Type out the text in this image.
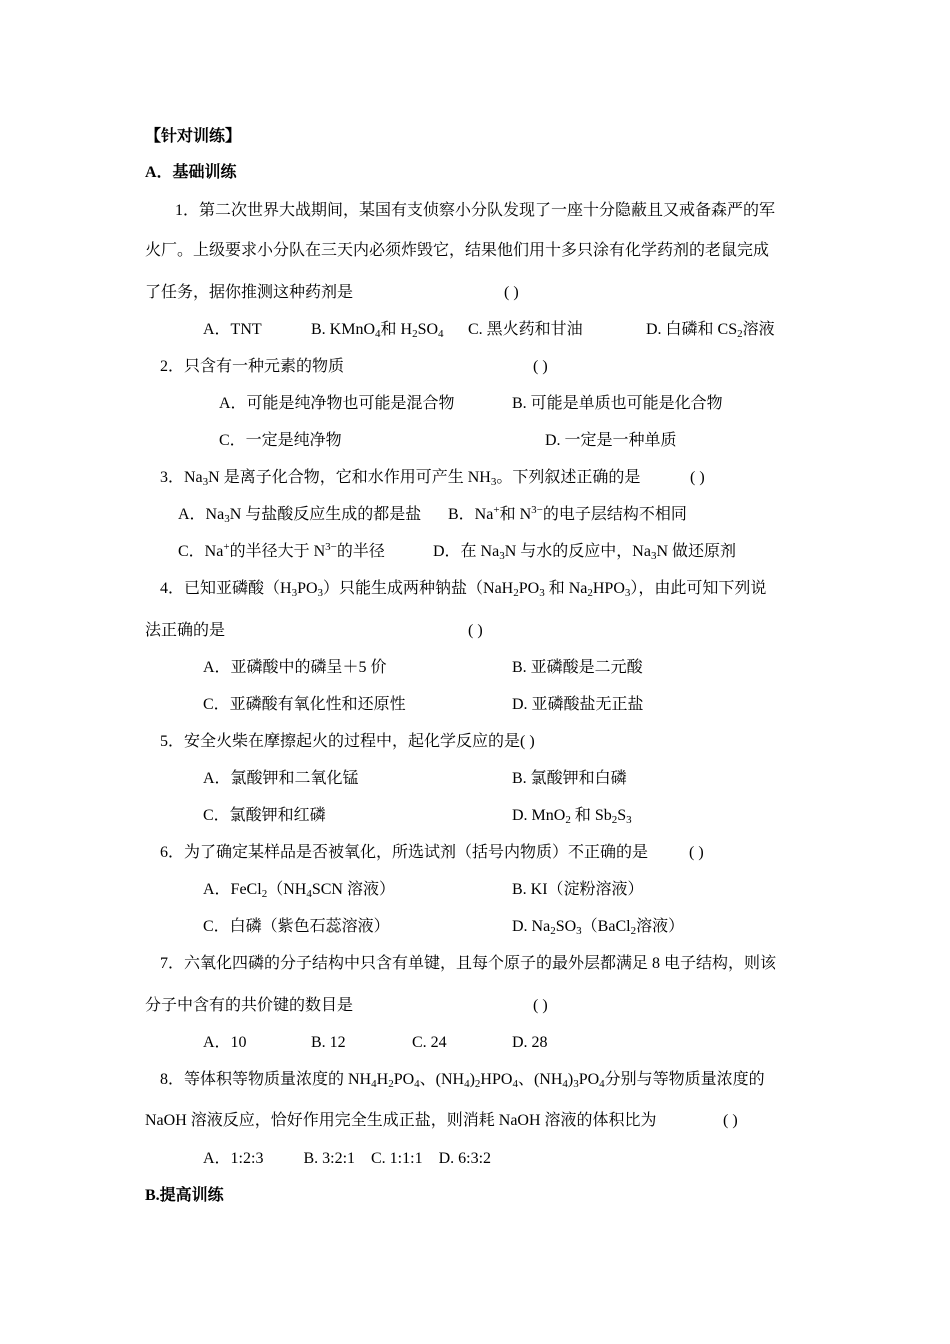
【针对训练】
A．基础训练
1．第二次世界大战期间，某国有支侦察小分队发现了一座十分隐蔽且又戒备森严的军
火厂。上级要求小分队在三天内必须炸毁它，结果他们用十多只涂有化学药剂的老鼠完成
了任务，据你推测这种药剂是	( )
A．TNT	B. KMnO$_4$和 $H_2SO_4$ C. 黑火药和甘油	D. 白磷和 $CS_2$溶液
2．只含有一种元素的物质	( )
A．可能是纯净物也可能是混合物	B. 可能是单质也可能是化合物
C．一定是纯净物	D. 一定是一种单质
3．$Na_3N$ 是离子化合物，它和水作用可产生 $NH_3$。下列叙述正确的是	( )
A．$Na_3N$ 与盐酸反应生成的都是盐 B．Na+和 $N^{3-}$的电子层结构不相同
C．Na+的半径大于 $N^{3-}$的半径	D．在 $Na_3N$ 与水的反应中，$Na_3N$ 做还原剂
4．已知亚磷酸$(H_3PO_3)$只能生成两种钠盐（$NaH_2PO_3$ 和 $Na_2HPO_3$），由此可知下列说
法正确的是	( )
A．亚磷酸中的磷呈＋5 价	B. 亚磷酸是二元酸
C．亚磷酸有氧化性和还原性	D. 亚磷酸盐无正盐
5．安全火柴在摩擦起火的过程中，起化学反应的是( )
A．氯酸钾和二氧化锰	B. 氯酸钾和白磷
C．氯酸钾和红磷	D. MnO$_2$ 和 $Sb_2S_3$
6．为了确定某样品是否被氧化，所选试剂（括号内物质）不正确的是	( )
A．$FeCl_2(NH_4SCN$ 溶液）	B. KI（淀粉溶液）
C．白磷（紫色石蕊溶液）	D. $Na_2SO_3(BaCl_2$溶液）
7．六氧化四磷的分子结构中只含有单键，且每个原子的最外层都满足 8 电子结构，则该
分子中含有的共价键的数目是	( )
A．10	B. 12	C. 24	D. 28
8．等体积等物质量浓度的 $NH_4H_2PO_4$、$(NH_4)_2HPO_4$、$(NH_4)_3PO_4$分别与等物质量浓度的
NaOH 溶液反应，恰好作用完全生成正盐，则消耗 NaOH 溶液的体积比为	( )
A．1:2:3          B. 3:2:1    C. 1:1:1    D. 6:3:2
B.提高训练
